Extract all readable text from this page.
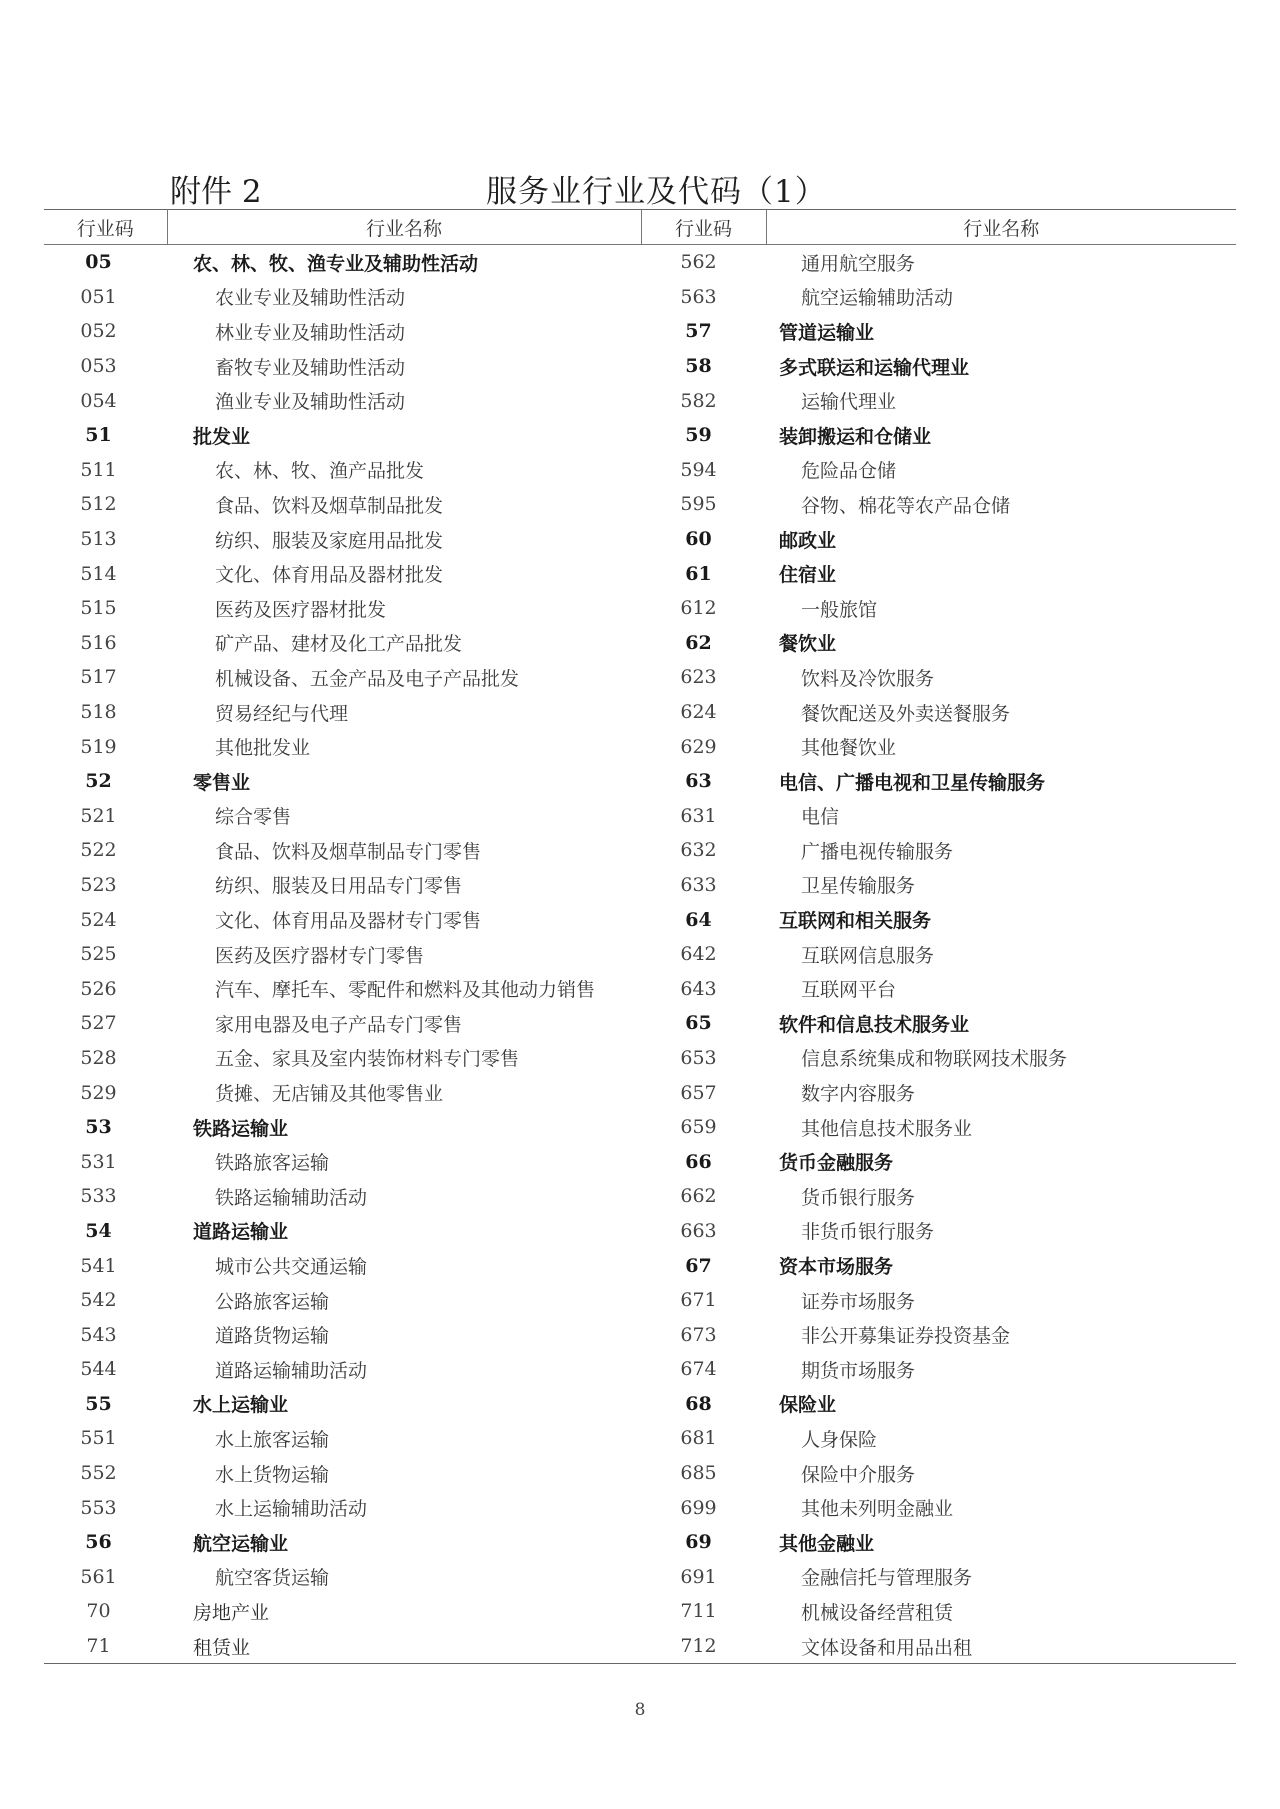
附件 2	服务业行业及代码（1）
行业码	行业名称	行业码	行业名称
05	农、林、牧、渔专业及辅助性活动	562	通用航空服务
051	农业专业及辅助性活动	563	航空运输辅助活动
052	林业专业及辅助性活动	57	管道运输业
053	畜牧专业及辅助性活动	58	多式联运和运输代理业
054	渔业专业及辅助性活动	582	运输代理业
51	批发业	59	装卸搬运和仓储业
511	农、林、牧、渔产品批发	594	危险品仓储
512	食品、饮料及烟草制品批发	595	谷物、棉花等农产品仓储
513	纺织、服装及家庭用品批发	60	邮政业
514	文化、体育用品及器材批发	61	住宿业
515	医药及医疗器材批发	612	一般旅馆
516	矿产品、建材及化工产品批发	62	餐饮业
517	机械设备、五金产品及电子产品批发	623	饮料及冷饮服务
518	贸易经纪与代理	624	餐饮配送及外卖送餐服务
519	其他批发业	629	其他餐饮业
52	零售业	63	电信、广播电视和卫星传输服务
521	综合零售	631	电信
522	食品、饮料及烟草制品专门零售	632	广播电视传输服务
523	纺织、服装及日用品专门零售	633	卫星传输服务
524	文化、体育用品及器材专门零售	64	互联网和相关服务
525	医药及医疗器材专门零售	642	互联网信息服务
526	汽车、摩托车、零配件和燃料及其他动力销售	643	互联网平台
527	家用电器及电子产品专门零售	65	软件和信息技术服务业
528	五金、家具及室内装饰材料专门零售	653	信息系统集成和物联网技术服务
529	货摊、无店铺及其他零售业	657	数字内容服务
53	铁路运输业	659	其他信息技术服务业
531	铁路旅客运输	66	货币金融服务
533	铁路运输辅助活动	662	货币银行服务
54	道路运输业	663	非货币银行服务
541	城市公共交通运输	67	资本市场服务
542	公路旅客运输	671	证券市场服务
543	道路货物运输	673	非公开募集证券投资基金
544	道路运输辅助活动	674	期货市场服务
55	水上运输业	68	保险业
551	水上旅客运输	681	人身保险
552	水上货物运输	685	保险中介服务
553	水上运输辅助活动	699	其他未列明金融业
56	航空运输业	69	其他金融业
561	航空客货运输	691	金融信托与管理服务
70	房地产业	711	机械设备经营租赁
71	租赁业	712	文体设备和用品出租
8
